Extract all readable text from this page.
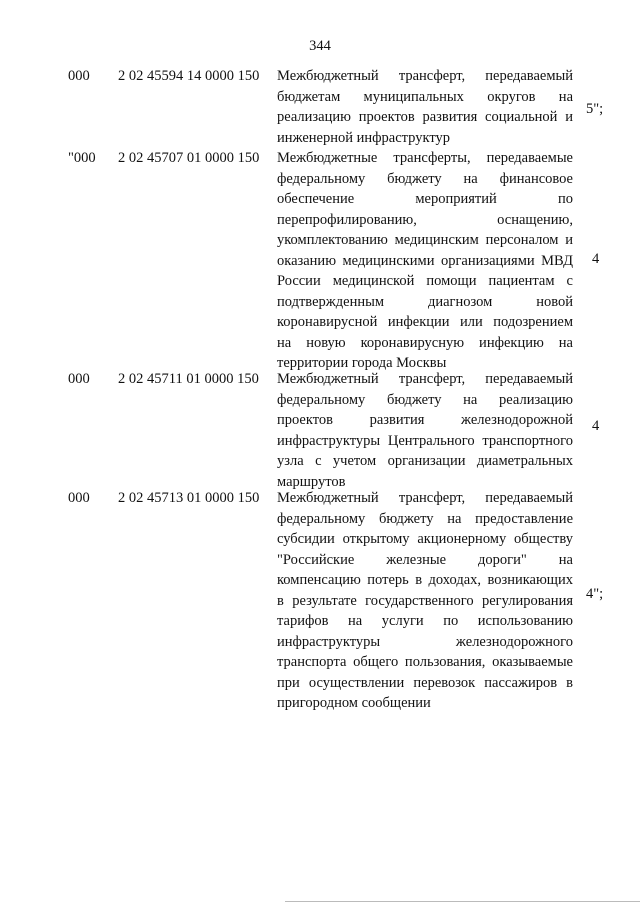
344
000 2 02 45594 14 0000 150 Межбюджетный трансферт, передаваемый
бюджетам муниципальных округов на
реализацию проектов развития социальной и
инженерной инфраструктур
5";
"000 2 02 45707 01 0000 150 Межбюджетные трансферты, передаваемые
федеральному бюджету на финансовое
обеспечение мероприятий по
перепрофилированию, оснащению,
укомплектованию медицинским персоналом и
оказанию медицинскими организациями МВД
России медицинской помощи пациентам с
подтвержденным диагнозом новой
коронавирусной инфекции или подозрением
на новую коронавирусную инфекцию на
территории города Москвы
4
000 2 02 45711 01 0000 150 Межбюджетный трансферт, передаваемый
федеральному бюджету на реализацию
проектов развития железнодорожной
инфраструктуры Центрального транспортного
узла с учетом организации диаметральных
маршрутов
4
000 2 02 45713 01 0000 150 Межбюджетный трансферт, передаваемый
федеральному бюджету на предоставление
субсидии открытому акционерному обществу
"Российские железные дороги" на
компенсацию потерь в доходах, возникающих
в результате государственного регулирования
тарифов на услуги по использованию
инфраструктуры железнодорожного
транспорта общего пользования, оказываемые
при осуществлении перевозок пассажиров в
пригородном сообщении
4";
